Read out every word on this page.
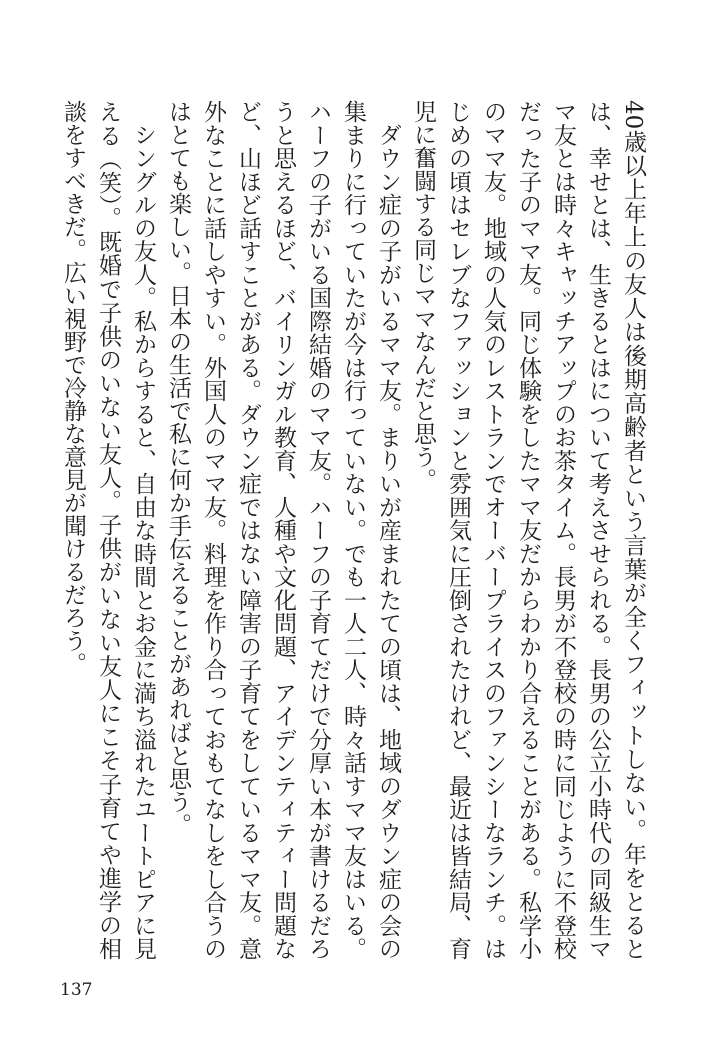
40歳以上年上の友人は後期高齢者という言葉が全くフィットしない。年をとるとは、幸せとは、生きるとはについて考えさせられる。長男の公立小時代の同級生ママ友とは時々キャッチアップのお茶タイム。長男が不登校の時に同じように不登校だった子のママ友。同じ体験をしたママ友だからわかり合えることがある。私学小のママ友。地域の人気のレストランでオーバープライスのファンシーなランチ。はじめの頃はセレブなファッションと雰囲気に圧倒されたけれど、最近は皆結局、育児に奮闘する同じママなんだと思う。

ダウン症の子がいるママ友。まりいが産まれたての頃は、地域のダウン症の会の集まりに行っていたが今は行っていない。でも一人二人、時々話すママ友はいる。ハーフの子がいる国際結婚のママ友。ハーフの子育てだけで分厚い本が書けるだろうと思えるほど、バイリンガル教育、人種や文化問題、アイデンティティー問題など、山ほど話すことがある。ダウン症ではない障害の子育てをしているママ友。意外なことに話しやすい。外国人のママ友。料理を作り合っておもてなしをし合うのはとても楽しい。日本の生活で私に何か手伝えることがあればと思う。

シングルの友人。私からすると、自由な時間とお金に満ち溢れたユートピアに見える（笑）。既婚で子供のいない友人。子供がいない友人にこそ子育てや進学の相談をすべきだ。広い視野で冷静な意見が聞けるだろう。

137
